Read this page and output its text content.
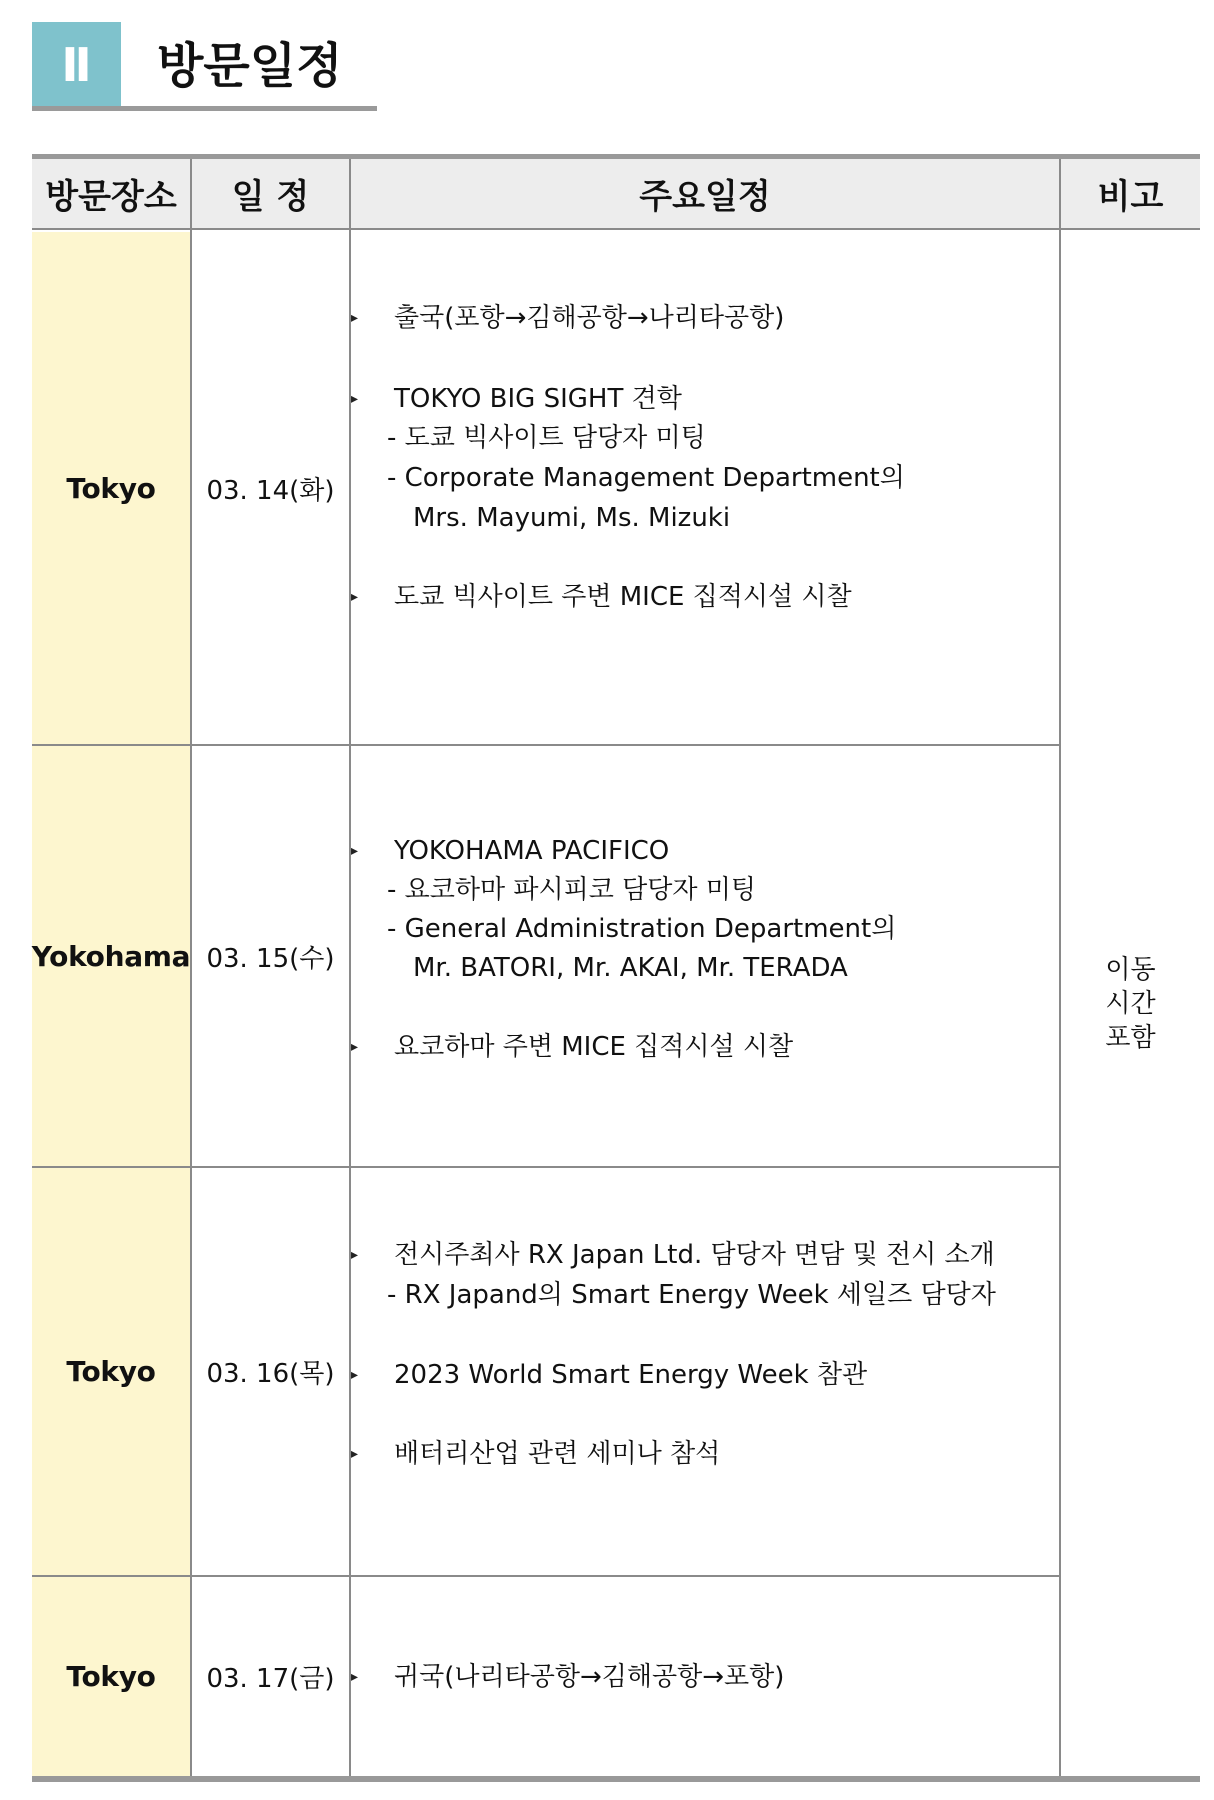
Ⅱ	방문일정
방문장소	일 정	주요일정	비고
Tokyo	03. 14(화)
▸	출국(포항→김해공항→나리타공항)
▸	TOKYO BIG SIGHT 견학
- 도쿄 빅사이트 담당자 미팅
- Corporate Management Department의
Mrs. Mayumi, Ms. Mizuki
▸	도쿄 빅사이트 주변 MICE 집적시설 시찰
Yokohama 03. 15(수)
▸	YOKOHAMA PACIFICO
- 요코하마 파시피코 담당자 미팅
- General Administration Department의
Mr. BATORI, Mr. AKAI, Mr. TERADA
▸	요코하마 주변 MICE 집적시설 시찰
Tokyo	03. 16(목)
▸	전시주최사 RX Japan Ltd. 담당자 면담 및 전시 소개
- RX Japand의 Smart Energy Week 세일즈 담당자
▸	2023 World Smart Energy Week 참관
▸	배터리산업 관련 세미나 참석
Tokyo	03. 17(금)	▸	귀국(나리타공항→김해공항→포항)
이동
시간
포함
